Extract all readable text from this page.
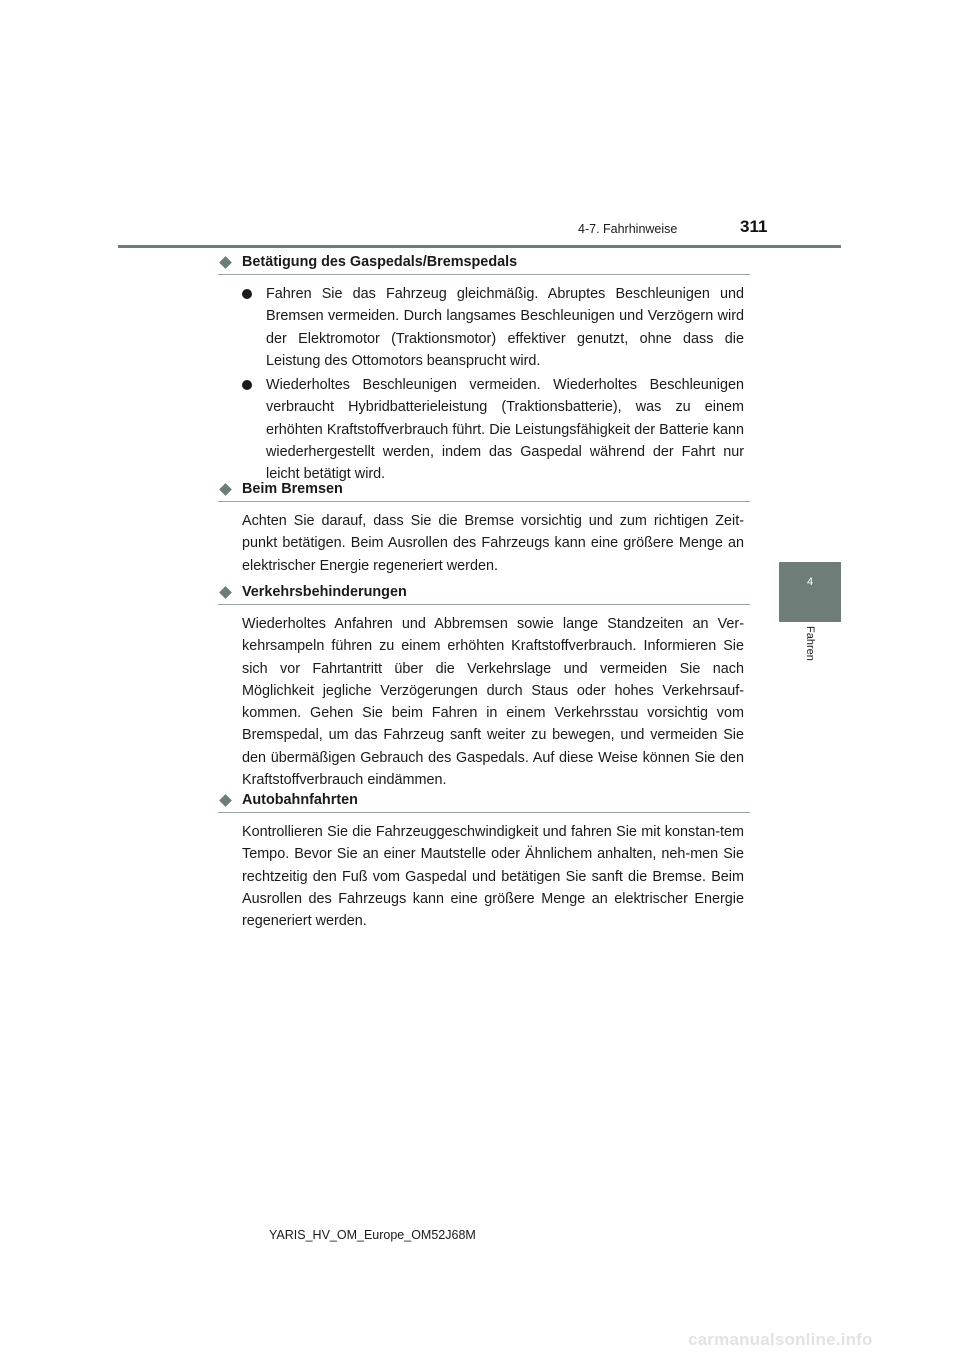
4-7. Fahrhinweise	311
4
Fahren
Betätigung des Gaspedals/Bremspedals
Fahren Sie das Fahrzeug gleichmäßig. Abruptes Beschleunigen und Bremsen vermeiden. Durch langsames Beschleunigen und Verzögern wird der Elektromotor (Traktionsmotor) effektiver genutzt, ohne dass die Leistung des Ottomotors beansprucht wird.
Wiederholtes Beschleunigen vermeiden. Wiederholtes Beschleunigen verbraucht Hybridbatterieleistung (Traktionsbatterie), was zu einem erhöhten Kraftstoffverbrauch führt. Die Leistungsfähigkeit der Batterie kann wiederhergestellt werden, indem das Gaspedal während der Fahrt nur leicht betätigt wird.
Beim Bremsen
Achten Sie darauf, dass Sie die Bremse vorsichtig und zum richtigen Zeit-punkt betätigen. Beim Ausrollen des Fahrzeugs kann eine größere Menge an elektrischer Energie regeneriert werden.
Verkehrsbehinderungen
Wiederholtes Anfahren und Abbremsen sowie lange Standzeiten an Ver-kehrsampeln führen zu einem erhöhten Kraftstoffverbrauch. Informieren Sie sich vor Fahrtantritt über die Verkehrslage und vermeiden Sie nach Möglichkeit jegliche Verzögerungen durch Staus oder hohes Verkehrsauf-kommen. Gehen Sie beim Fahren in einem Verkehrsstau vorsichtig vom Bremspedal, um das Fahrzeug sanft weiter zu bewegen, und vermeiden Sie den übermäßigen Gebrauch des Gaspedals. Auf diese Weise können Sie den Kraftstoffverbrauch eindämmen.
Autobahnfahrten
Kontrollieren Sie die Fahrzeuggeschwindigkeit und fahren Sie mit konstan-tem Tempo. Bevor Sie an einer Mautstelle oder Ähnlichem anhalten, neh-men Sie rechtzeitig den Fuß vom Gaspedal und betätigen Sie sanft die Bremse. Beim Ausrollen des Fahrzeugs kann eine größere Menge an elektrischer Energie regeneriert werden.
YARIS_HV_OM_Europe_OM52J68M
carmanualsonline.info
